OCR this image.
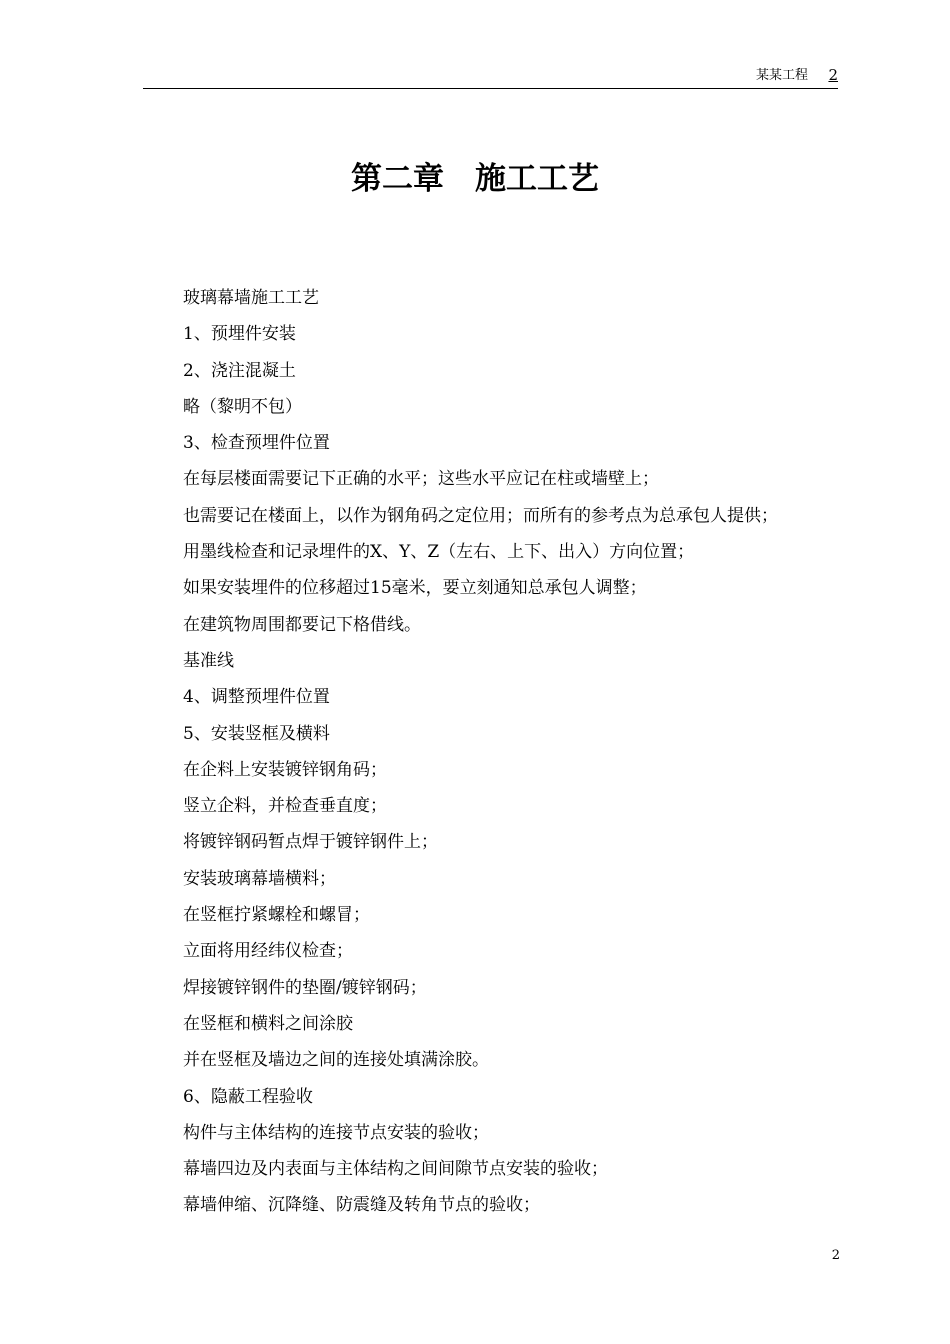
某某工程 2
第二章　施工工艺
玻璃幕墙施工工艺
1、预埋件安装
2、浇注混凝土
略（黎明不包）
3、检查预埋件位置
在每层楼面需要记下正确的水平；这些水平应记在柱或墙壁上；
也需要记在楼面上，以作为钢角码之定位用；而所有的参考点为总承包人提供；
用墨线检查和记录埋件的X、Y、Z（左右、上下、出入）方向位置；
如果安装埋件的位移超过15毫米，要立刻通知总承包人调整；
在建筑物周围都要记下格借线。
基准线
4、调整预埋件位置
5、安装竖框及横料
在企料上安装镀锌钢角码；
竖立企料，并检查垂直度；
将镀锌钢码暂点焊于镀锌钢件上；
安装玻璃幕墙横料；
在竖框拧紧螺栓和螺冒；
立面将用经纬仪检查；
焊接镀锌钢件的垫圈/镀锌钢码；
在竖框和横料之间涂胶
并在竖框及墙边之间的连接处填满涂胶。
6、隐蔽工程验收
构件与主体结构的连接节点安装的验收；
幕墙四边及内表面与主体结构之间间隙节点安装的验收；
幕墙伸缩、沉降缝、防震缝及转角节点的验收；
2
